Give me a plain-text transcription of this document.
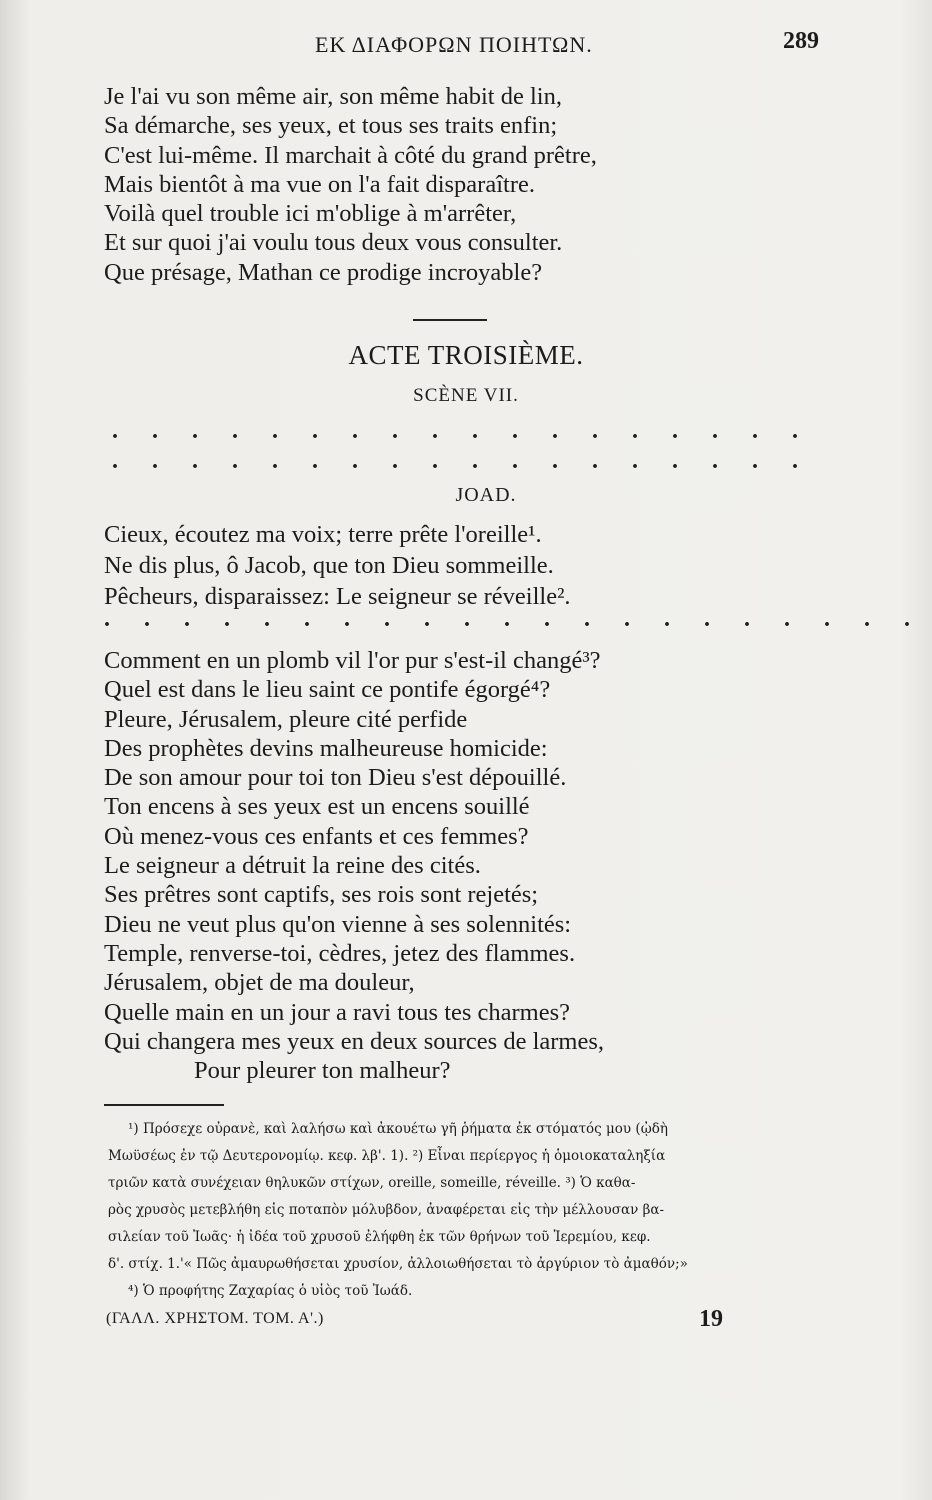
ΕΚ ΔΙΑΦΟΡΩΝ ΠΟΙΗΤΩΝ.	289
Je l'ai vu son même air, son même habit de lin,
Sa démarche, ses yeux, et tous ses traits enfin;
C'est lui-même. Il marchait à côté du grand prêtre,
Mais bientôt à ma vue on l'a fait disparaître.
Voilà quel trouble ici m'oblige à m'arrêter,
Et sur quoi j'ai voulu tous deux vous consulter.
Que présage, Mathan ce prodige incroyable?
ACTE TROISIÈME.
SCÈNE VII.
. . . . . . . . . . . . . . . . . .
. . . . . . . . . . . . . . . . . .
JOAD.
Cieux, écoutez ma voix; terre prête l'oreille¹.
Ne dis plus, ô Jacob, que ton Dieu sommeille.
Pêcheurs, disparaissez: Le seigneur se réveille².
. . . . . . . . . . . . . . . . . . . . .
Comment en un plomb vil l'or pur s'est-il changé³?
Quel est dans le lieu saint ce pontife égorgé⁴?
Pleure, Jérusalem, pleure cité perfide
Des prophètes devins malheureuse homicide:
De son amour pour toi ton Dieu s'est dépouillé.
Ton encens à ses yeux est un encens souillé
Où menez-vous ces enfants et ces femmes?
Le seigneur a détruit la reine des cités.
Ses prêtres sont captifs, ses rois sont rejetés;
Dieu ne veut plus qu'on vienne à ses solennités:
Temple, renverse-toi, cèdres, jetez des flammes.
Jérusalem, objet de ma douleur,
Quelle main en un jour a ravi tous tes charmes?
Qui changera mes yeux en deux sources de larmes,
Pour pleurer ton malheur?
¹) Πρόσεχε οὐρανὲ, καὶ λαλήσω καὶ ἀκουέτω γῆ ῥήματα ἐκ στόματός μου (ᾠδὴ
Μωϋσέως ἐν τῷ Δευτερονομίῳ. κεφ. λβ'. 1). ²) Εἶναι περίεργος ἡ ὁμοιοκαταληξία
τριῶν κατὰ συνέχειαν θηλυκῶν στίχων, oreille, someille, réveille. ³) Ὁ καθα-
ρὸς χρυσὸς μετεβλήθη εἰς ποταπὸν μόλυβδον, ἀναφέρεται εἰς τὴν μέλλουσαν βα-
σιλείαν τοῦ Ἰωᾶς· ἡ ἰδέα τοῦ χρυσοῦ ἐλήφθη ἐκ τῶν θρήνων τοῦ Ἱερεμίου, κεφ.
δ'. στίχ. 1.'« Πῶς ἀμαυρωθήσεται χρυσίον, ἀλλοιωθήσεται τὸ ἀργύριον τὸ ἀμαθόν;»
⁴) Ὁ προφήτης Ζαχαρίας ὁ υἱὸς τοῦ Ἰωάδ.
(ΓΑΛΛ. ΧΡΗΣΤΟΜ. ΤΟΜ. Α'.)	19
